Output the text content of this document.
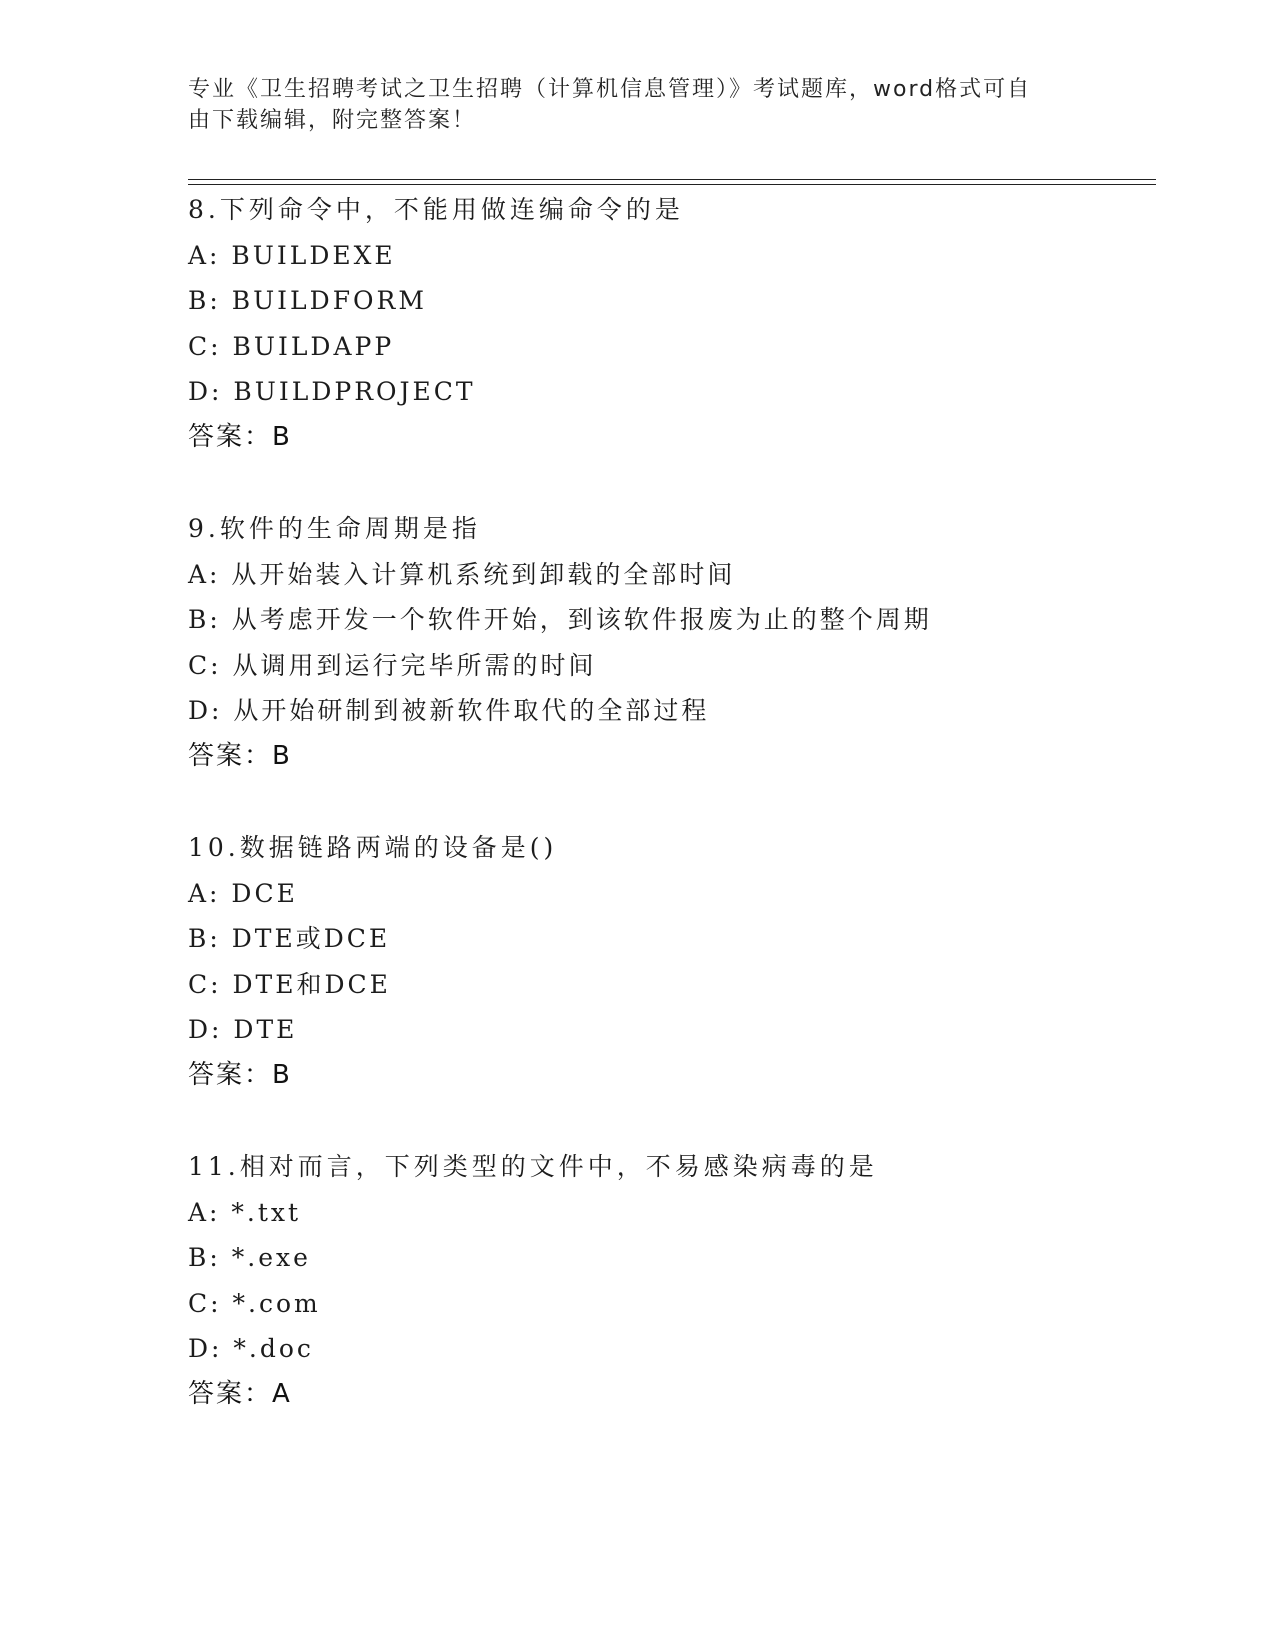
专业《卫生招聘考试之卫生招聘（计算机信息管理）》考试题库，word格式可自
由下载编辑，附完整答案！
8.下列命令中，不能用做连编命令的是
A: BUILDEXE
B: BUILDFORM
C: BUILDAPP
D: BUILDPROJECT
答案：B
9.软件的生命周期是指
A: 从开始装入计算机系统到卸载的全部时间
B: 从考虑开发一个软件开始，到该软件报废为止的整个周期
C: 从调用到运行完毕所需的时间
D: 从开始研制到被新软件取代的全部过程
答案：B
10.数据链路两端的设备是()
A: DCE
B: DTE或DCE
C: DTE和DCE
D: DTE
答案：B
11.相对而言，下列类型的文件中，不易感染病毒的是
A: *.txt
B: *.exe
C: *.com
D: *.doc
答案：A
